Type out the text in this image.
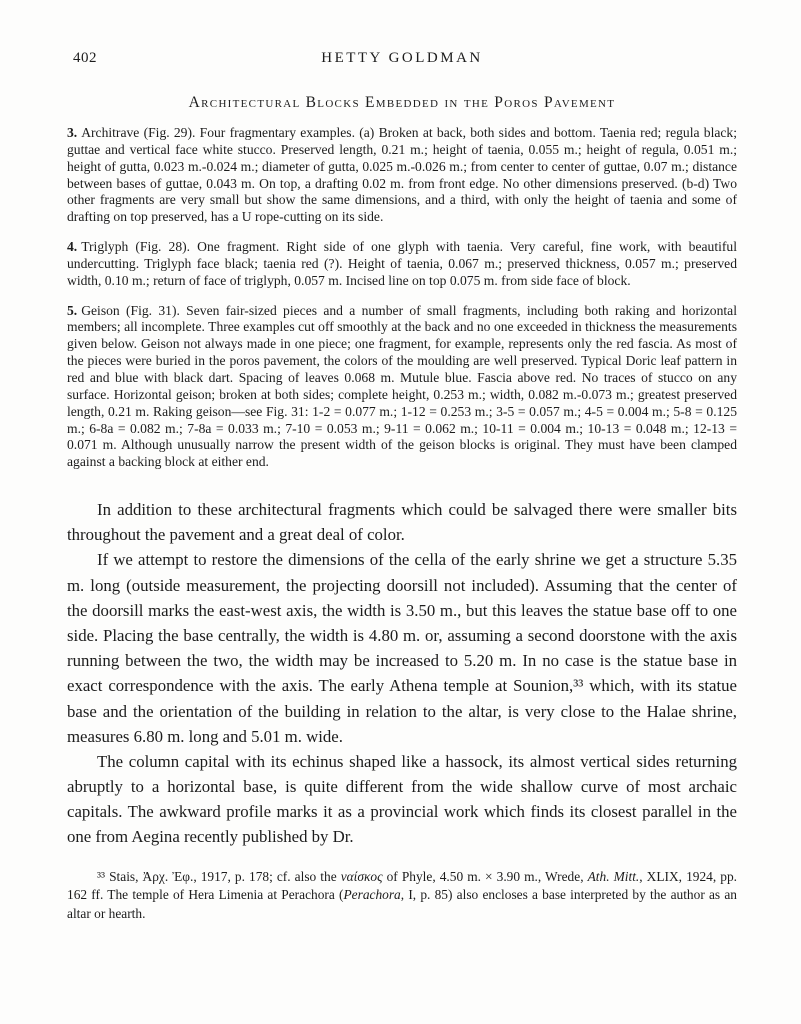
402	HETTY GOLDMAN
Architectural Blocks Embedded in the Poros Pavement

3. Architrave (Fig. 29). Four fragmentary examples. (a) Broken at back, both sides and bottom. Taenia red; regula black; guttae and vertical face white stucco. Preserved length, 0.21 m.; height of taenia, 0.055 m.; height of regula, 0.051 m.; height of gutta, 0.023 m.-0.024 m.; diameter of gutta, 0.025 m.-0.026 m.; from center to center of guttae, 0.07 m.; distance between bases of guttae, 0.043 m. On top, a drafting 0.02 m. from front edge. No other dimensions preserved. (b-d) Two other fragments are very small but show the same dimensions, and a third, with only the height of taenia and some of drafting on top preserved, has a U rope-cutting on its side.

4. Triglyph (Fig. 28). One fragment. Right side of one glyph with taenia. Very careful, fine work, with beautiful undercutting. Triglyph face black; taenia red (?). Height of taenia, 0.067 m.; preserved thickness, 0.057 m.; preserved width, 0.10 m.; return of face of triglyph, 0.057 m. Incised line on top 0.075 m. from side face of block.

5. Geison (Fig. 31). Seven fair-sized pieces and a number of small fragments, including both raking and horizontal members; all incomplete. Three examples cut off smoothly at the back and no one exceeded in thickness the measurements given below. Geison not always made in one piece; one fragment, for example, represents only the red fascia. As most of the pieces were buried in the poros pavement, the colors of the moulding are well preserved. Typical Doric leaf pattern in red and blue with black dart. Spacing of leaves 0.068 m. Mutule blue. Fascia above red. No traces of stucco on any surface. Horizontal geison; broken at both sides; complete height, 0.253 m.; width, 0.082 m.-0.073 m.; greatest preserved length, 0.21 m. Raking geison—see Fig. 31: 1-2 = 0.077 m.; 1-12 = 0.253 m.; 3-5 = 0.057 m.; 4-5 = 0.004 m.; 5-8 = 0.125 m.; 6-8a = 0.082 m.; 7-8a = 0.033 m.; 7-10 = 0.053 m.; 9-11 = 0.062 m.; 10-11 = 0.004 m.; 10-13 = 0.048 m.; 12-13 = 0.071 m. Although unusually narrow the present width of the geison blocks is original. They must have been clamped against a backing block at either end.

In addition to these architectural fragments which could be salvaged there were smaller bits throughout the pavement and a great deal of color.

If we attempt to restore the dimensions of the cella of the early shrine we get a structure 5.35 m. long (outside measurement, the projecting doorsill not included). Assuming that the center of the doorsill marks the east-west axis, the width is 3.50 m., but this leaves the statue base off to one side. Placing the base centrally, the width is 4.80 m. or, assuming a second doorstone with the axis running between the two, the width may be increased to 5.20 m. In no case is the statue base in exact correspondence with the axis. The early Athena temple at Sounion,³³ which, with its statue base and the orientation of the building in relation to the altar, is very close to the Halae shrine, measures 6.80 m. long and 5.01 m. wide.

The column capital with its echinus shaped like a hassock, its almost vertical sides returning abruptly to a horizontal base, is quite different from the wide shallow curve of most archaic capitals. The awkward profile marks it as a provincial work which finds its closest parallel in the one from Aegina recently published by Dr.

³³ Stais, Ἀρχ. Ἐφ., 1917, p. 178; cf. also the ναίσκος of Phyle, 4.50 m. × 3.90 m., Wrede, Ath. Mitt., XLIX, 1924, pp. 162 ff. The temple of Hera Limenia at Perachora (Perachora, I, p. 85) also encloses a base interpreted by the author as an altar or hearth.
